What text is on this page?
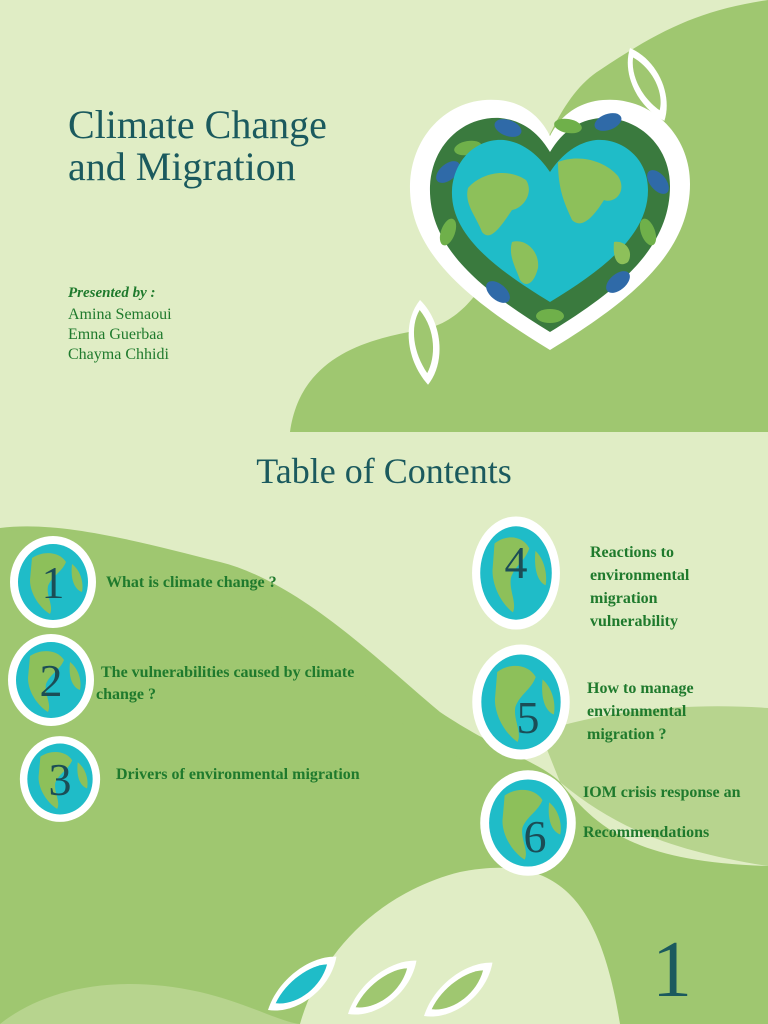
Climate Change
and Migration
Presented by :
Amina Semaoui
Emna Guerbaa
Chayma Chhidi
Table of Contents
1
2
3
4
5
6
What is climate change ?
The vulnerabilities caused by climate
change ?
Drivers of environmental migration
Reactions to
environmental
migration
vulnerability
How to manage
environmental
migration ?
IOM crisis response an
Recommendations
1
